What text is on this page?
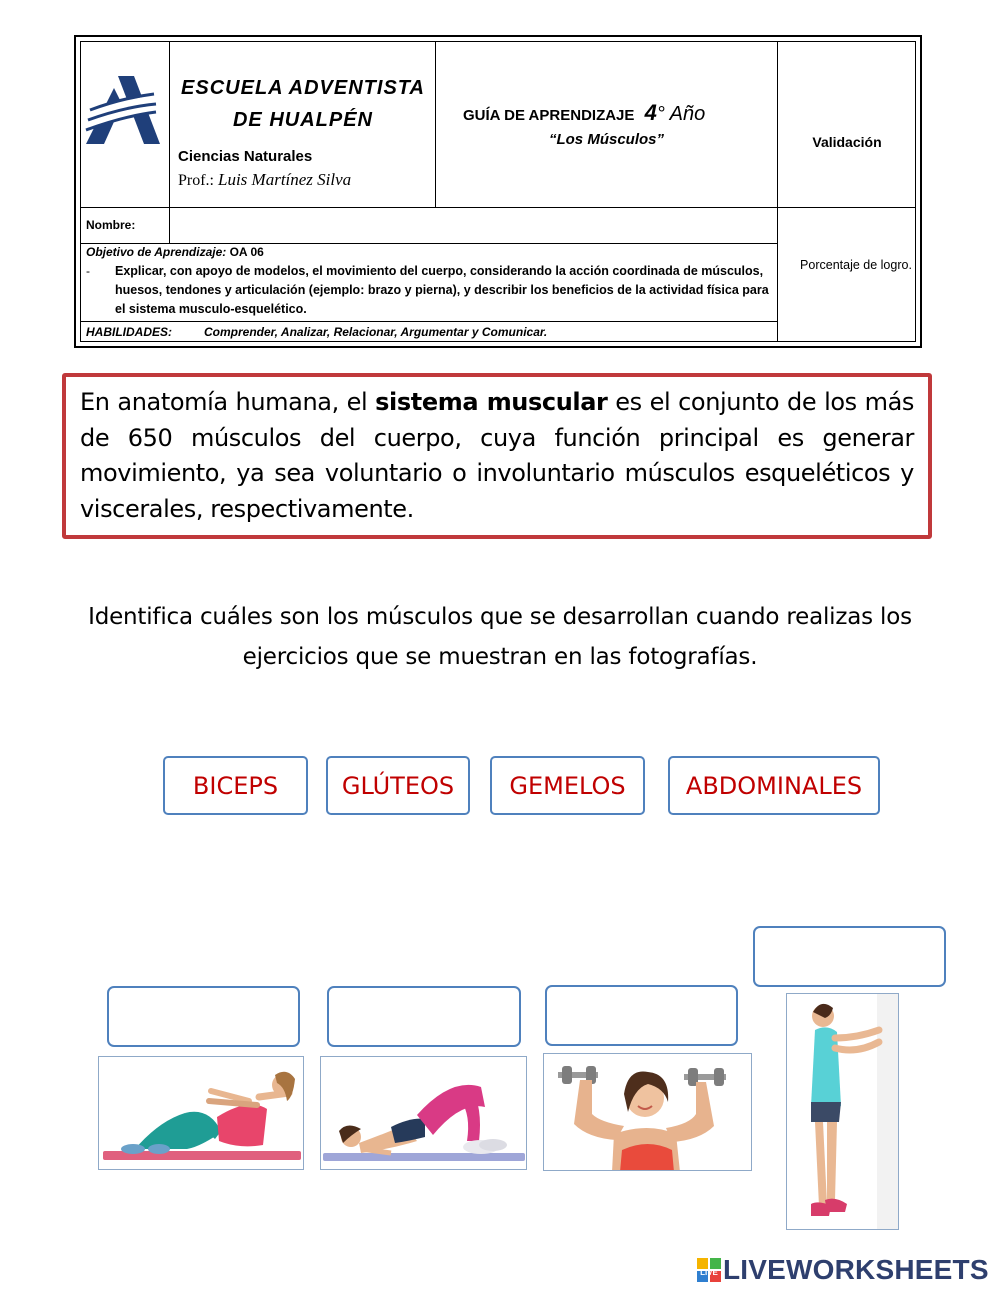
ESCUELA ADVENTISTA
DE HUALPÉN
Ciencias Naturales
Prof.: Luis Martínez Silva
GUÍA DE APRENDIZAJE 4° Año
“Los Músculos”	Validación
Nombre:
Objetivo de Aprendizaje: OA 06
- Explicar, con apoyo de modelos, el movimiento del cuerpo, considerando la acción coordinada de músculos, huesos, tendones y articulación (ejemplo: brazo y pierna), y describir los beneficios de la actividad física para el sistema musculo-esquelético.
Porcentaje de logro.
HABILIDADES:	Comprender, Analizar, Relacionar, Argumentar y Comunicar.
En anatomía humana, el sistema muscular es el conjunto de los más de 650 músculos del cuerpo, cuya función principal es generar movimiento, ya sea voluntario o involuntario músculos esqueléticos y viscerales, respectivamente.
Identifica cuáles son los músculos que se desarrollan cuando realizas los ejercicios que se muestran en las fotografías.
BICEPS	GLÚTEOS	GEMELOS	ABDOMINALES
LIVE LIVEWORKSHEETS
